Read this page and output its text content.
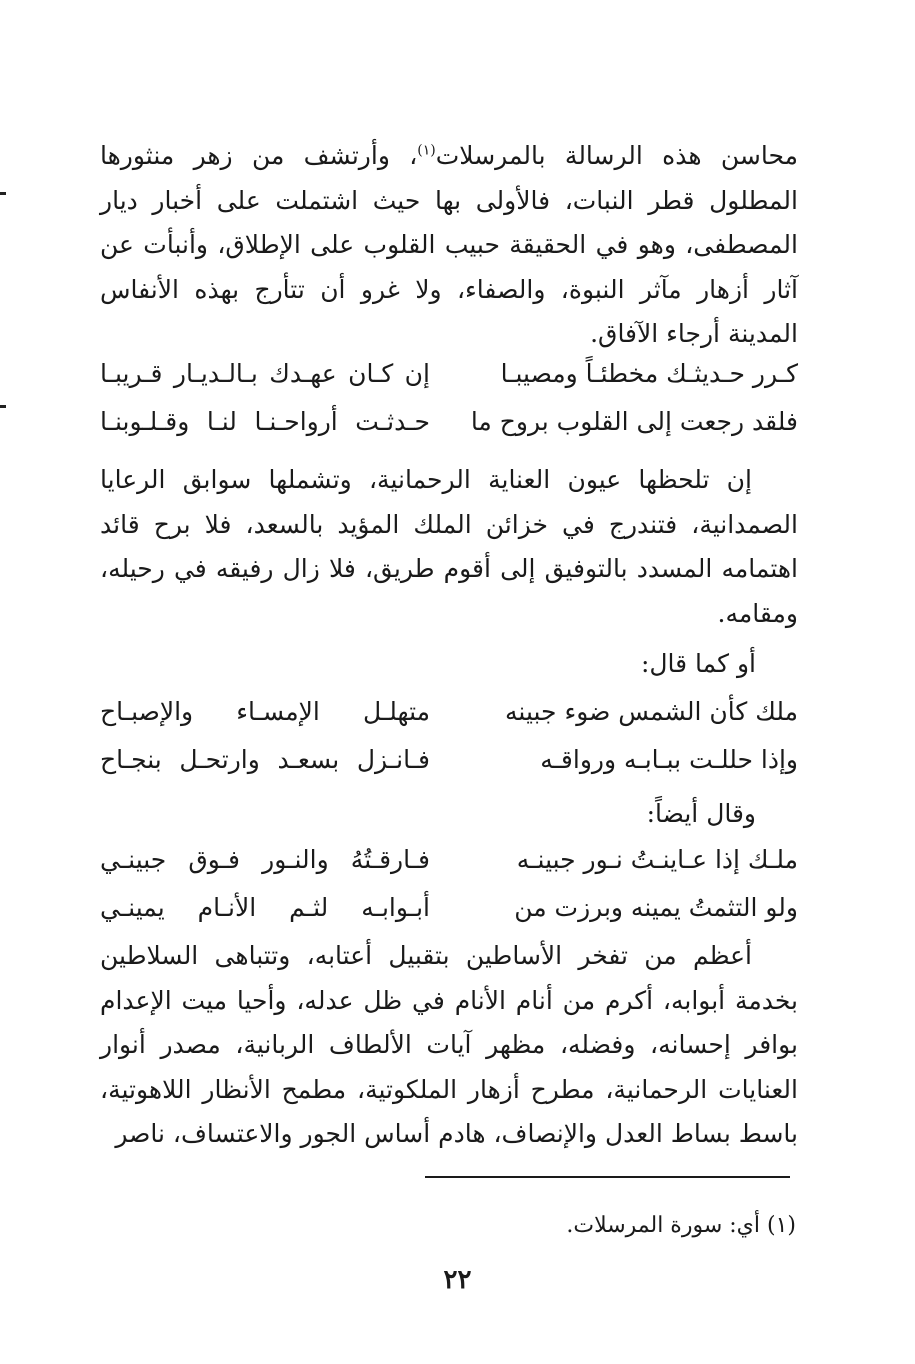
محاسن هذه الرسالة بالمرسلات$^{(١)}$، وأرتشف من زهر منثورها المطلول قطر النبات، فالأولى بها حيث اشتملت على أخبار ديار المصطفى، وهو في الحقيقة حبيب القلوب على الإطلاق، وأنبأت عن آثار أزهار مآثر النبوة، والصفاء، ولا غرو أن تتأرج بهذه الأنفاس المدينة أرجاء الآفاق.

كـرر حـديثـك مخطئـاً ومصيبـا
إن كـان عهـدك بـالـديـار قـريبـا
فلقد رجعت إلى القلوب بروح ما
حـدثـت أرواحـنـا لنـا وقـلـوبنـا

إن تلحظها عيون العناية الرحمانية، وتشملها سوابق الرعايا الصمدانية، فتندرج في خزائن الملك المؤيد بالسعد، فلا برح قائد اهتمامه المسدد بالتوفيق إلى أقوم طريق، فلا زال رفيقه في رحيله، ومقامه.

أو كما قال:
ملك كأن الشمس ضوء جبينه
متهلـل الإمسـاء والإصبـاح
وإذا حللـت ببـابـه ورواقـه
فـانـزل بسعـد وارتحـل بنجـاح
وقال أيضاً:
ملـك إذا عـاينـتُ نـور جبينـه
فـارقـتُهُ والنـور فـوق جبينـي
ولو التثمتُ يمينه وبرزت من
أبـوابـه لثـم الأنـام يمينـي

أعظم من تفخر الأساطين بتقبيل أعتابه، وتتباهى السلاطين بخدمة أبوابه، أكرم من أنام الأنام في ظل عدله، وأحيا ميت الإعدام بوافر إحسانه، وفضله، مظهر آيات الألطاف الربانية، مصدر أنوار العنايات الرحمانية، مطرح أزهار الملكوتية، مطمح الأنظار اللاهوتية، باسط بساط العدل والإنصاف، هادم أساس الجور والاعتساف، ناصر

(١) أي: سورة المرسلات.
٢٢
